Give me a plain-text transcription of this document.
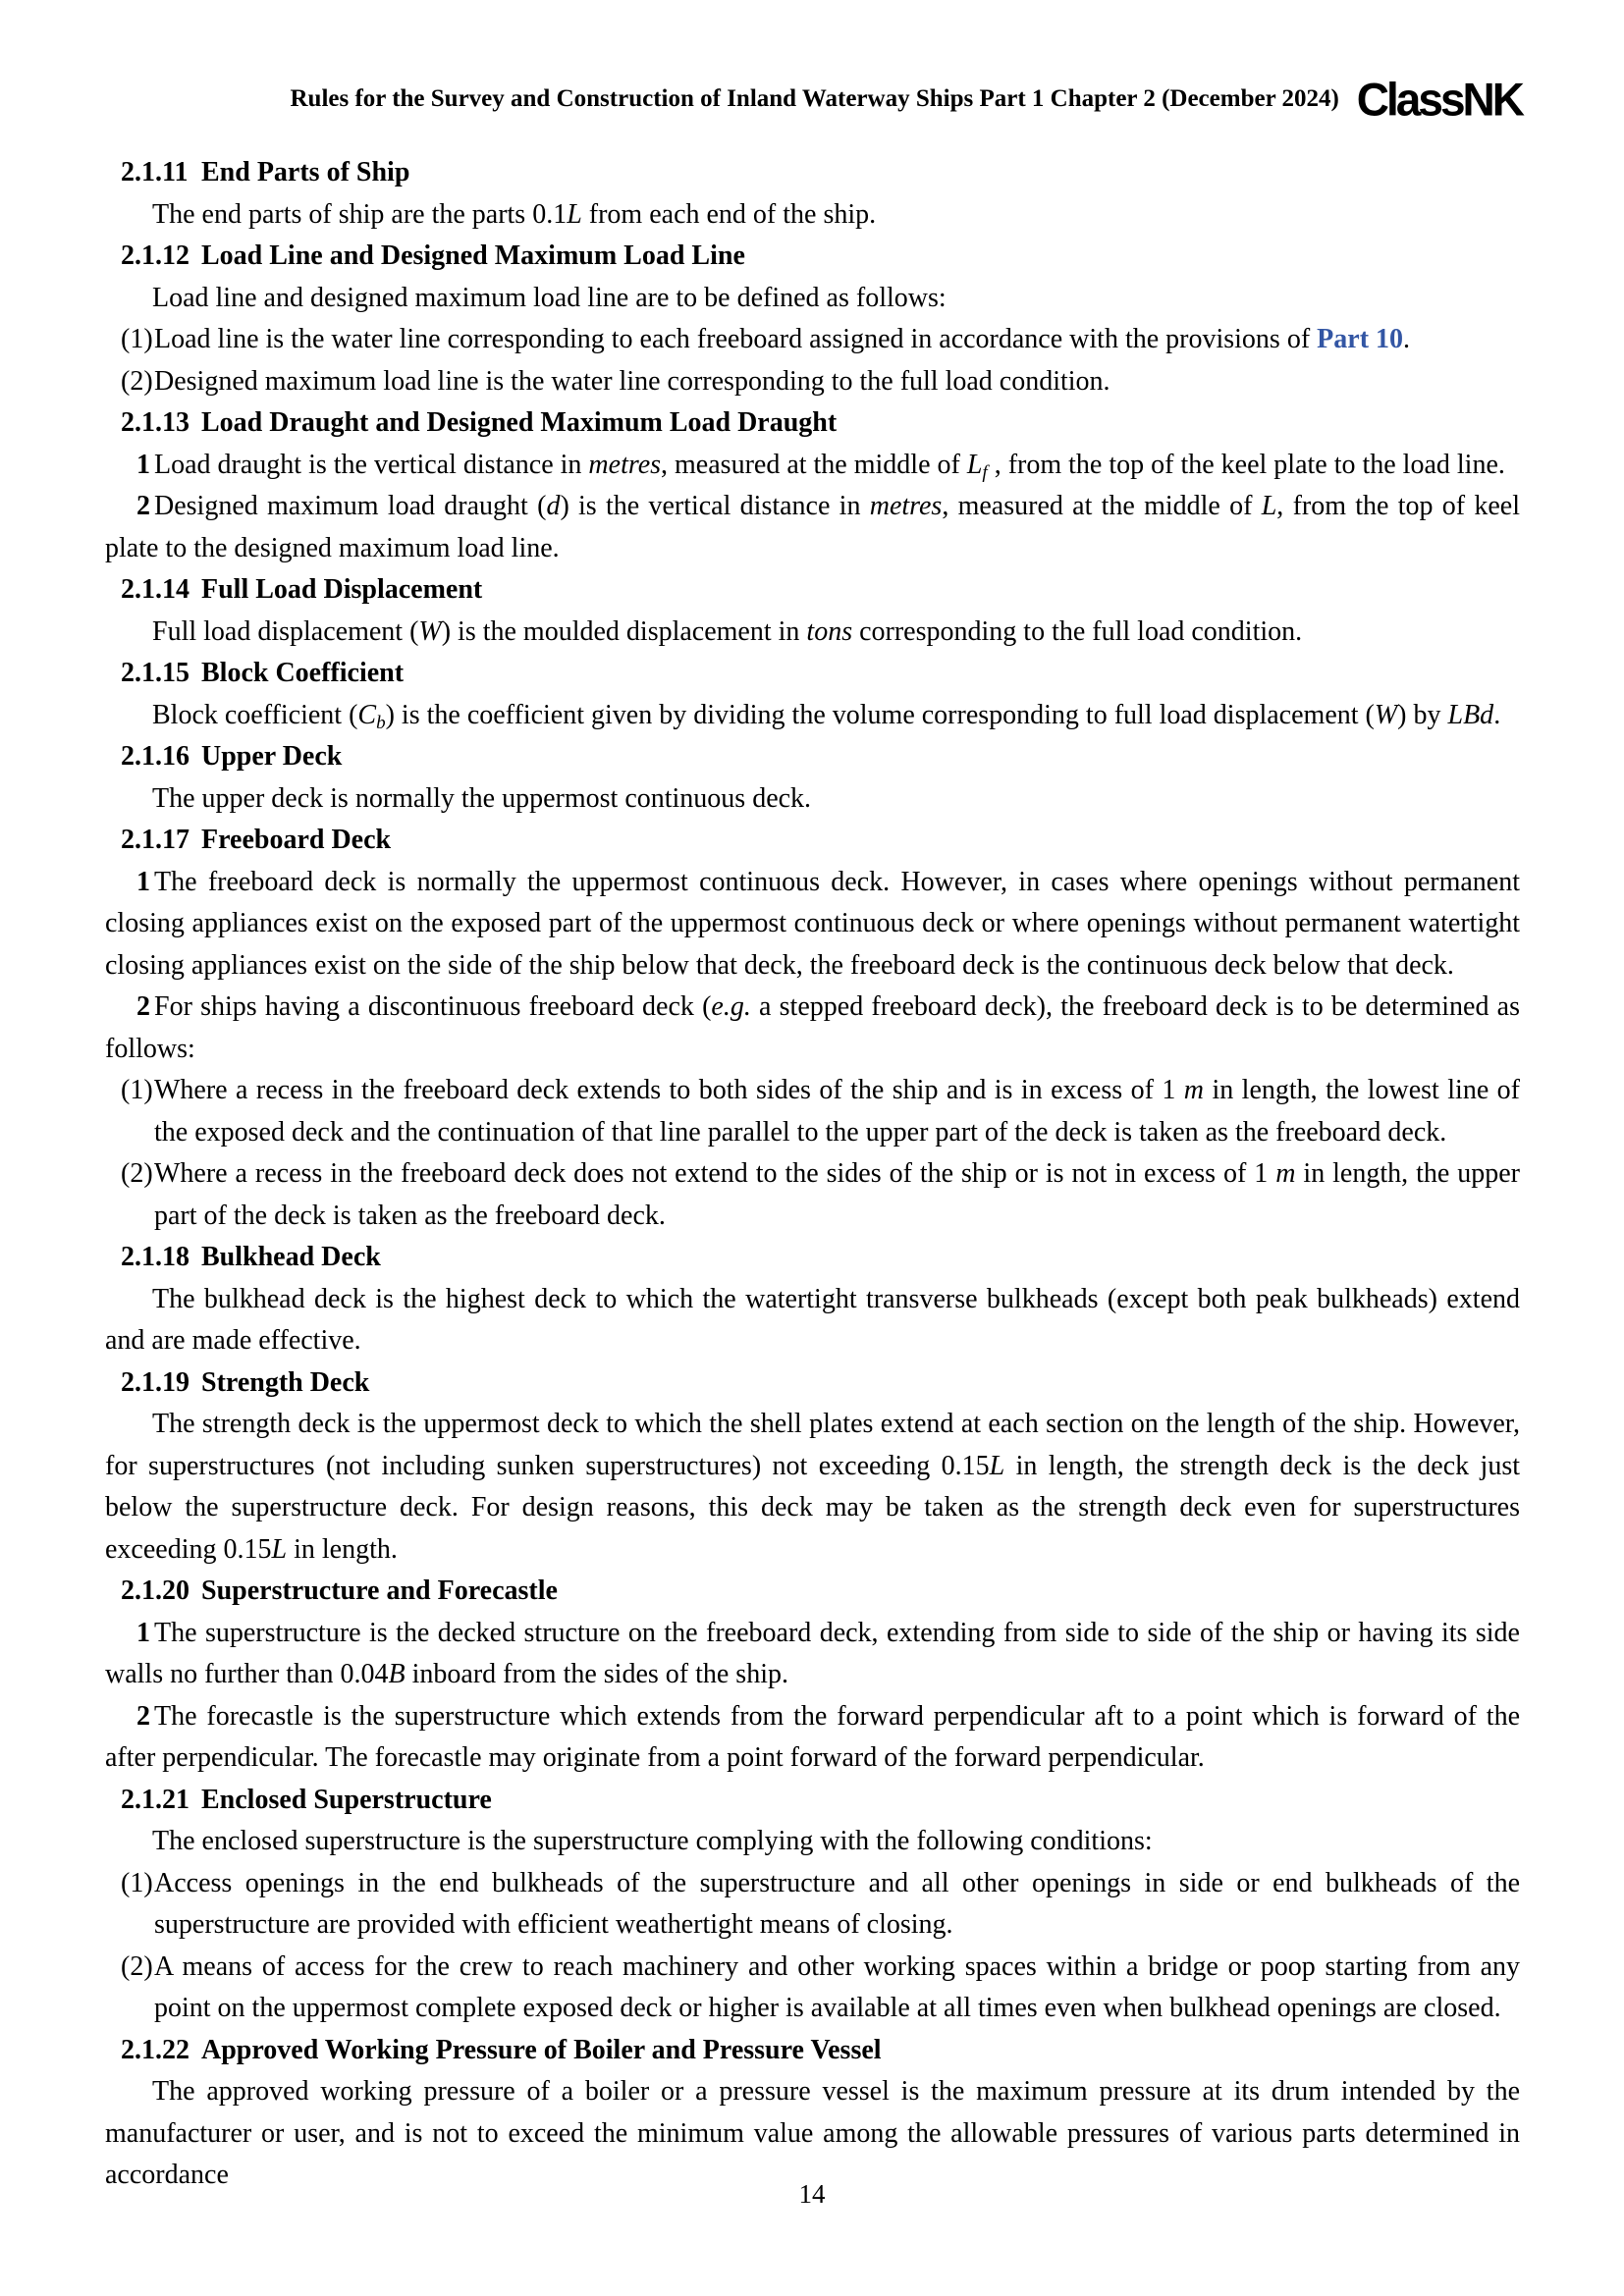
Rules for the Survey and Construction of Inland Waterway Ships Part 1 Chapter 2 (December 2024) ClassNK
2.1.11 End Parts of Ship

The end parts of ship are the parts 0.1L from each end of the ship.

2.1.12 Load Line and Designed Maximum Load Line

Load line and designed maximum load line are to be defined as follows:

(1)Load line is the water line corresponding to each freeboard assigned in accordance with the provisions of Part 10.

(2)Designed maximum load line is the water line corresponding to the full load condition.

2.1.13 Load Draught and Designed Maximum Load Draught

1 Load draught is the vertical distance in metres, measured at the middle of $L_f$ , from the top of the keel plate to the load line.

2 Designed maximum load draught (d) is the vertical distance in metres, measured at the middle of L, from the top of keel plate to the designed maximum load line.

2.1.14 Full Load Displacement

Full load displacement (W) is the moulded displacement in tons corresponding to the full load condition.

2.1.15 Block Coefficient

Block coefficient $(C_b)$ is the coefficient given by dividing the volume corresponding to full load displacement (W) by LBd.

2.1.16 Upper Deck

The upper deck is normally the uppermost continuous deck.

2.1.17 Freeboard Deck

1 The freeboard deck is normally the uppermost continuous deck. However, in cases where openings without permanent closing appliances exist on the exposed part of the uppermost continuous deck or where openings without permanent watertight closing appliances exist on the side of the ship below that deck, the freeboard deck is the continuous deck below that deck.

2 For ships having a discontinuous freeboard deck (e.g. a stepped freeboard deck), the freeboard deck is to be determined as follows:

(1)Where a recess in the freeboard deck extends to both sides of the ship and is in excess of 1 m in length, the lowest line of the exposed deck and the continuation of that line parallel to the upper part of the deck is taken as the freeboard deck.

(2)Where a recess in the freeboard deck does not extend to the sides of the ship or is not in excess of 1 m in length, the upper part of the deck is taken as the freeboard deck.

2.1.18 Bulkhead Deck

The bulkhead deck is the highest deck to which the watertight transverse bulkheads (except both peak bulkheads) extend and are made effective.

2.1.19 Strength Deck

The strength deck is the uppermost deck to which the shell plates extend at each section on the length of the ship. However, for superstructures (not including sunken superstructures) not exceeding 0.15L in length, the strength deck is the deck just below the superstructure deck. For design reasons, this deck may be taken as the strength deck even for superstructures exceeding 0.15L in length.

2.1.20 Superstructure and Forecastle

1 The superstructure is the decked structure on the freeboard deck, extending from side to side of the ship or having its side walls no further than 0.04B inboard from the sides of the ship.

2 The forecastle is the superstructure which extends from the forward perpendicular aft to a point which is forward of the after perpendicular. The forecastle may originate from a point forward of the forward perpendicular.

2.1.21 Enclosed Superstructure

The enclosed superstructure is the superstructure complying with the following conditions:

(1)Access openings in the end bulkheads of the superstructure and all other openings in side or end bulkheads of the superstructure are provided with efficient weathertight means of closing.

(2)A means of access for the crew to reach machinery and other working spaces within a bridge or poop starting from any point on the uppermost complete exposed deck or higher is available at all times even when bulkhead openings are closed.

2.1.22 Approved Working Pressure of Boiler and Pressure Vessel

The approved working pressure of a boiler or a pressure vessel is the maximum pressure at its drum intended by the manufacturer or user, and is not to exceed the minimum value among the allowable pressures of various parts determined in accordance

14
